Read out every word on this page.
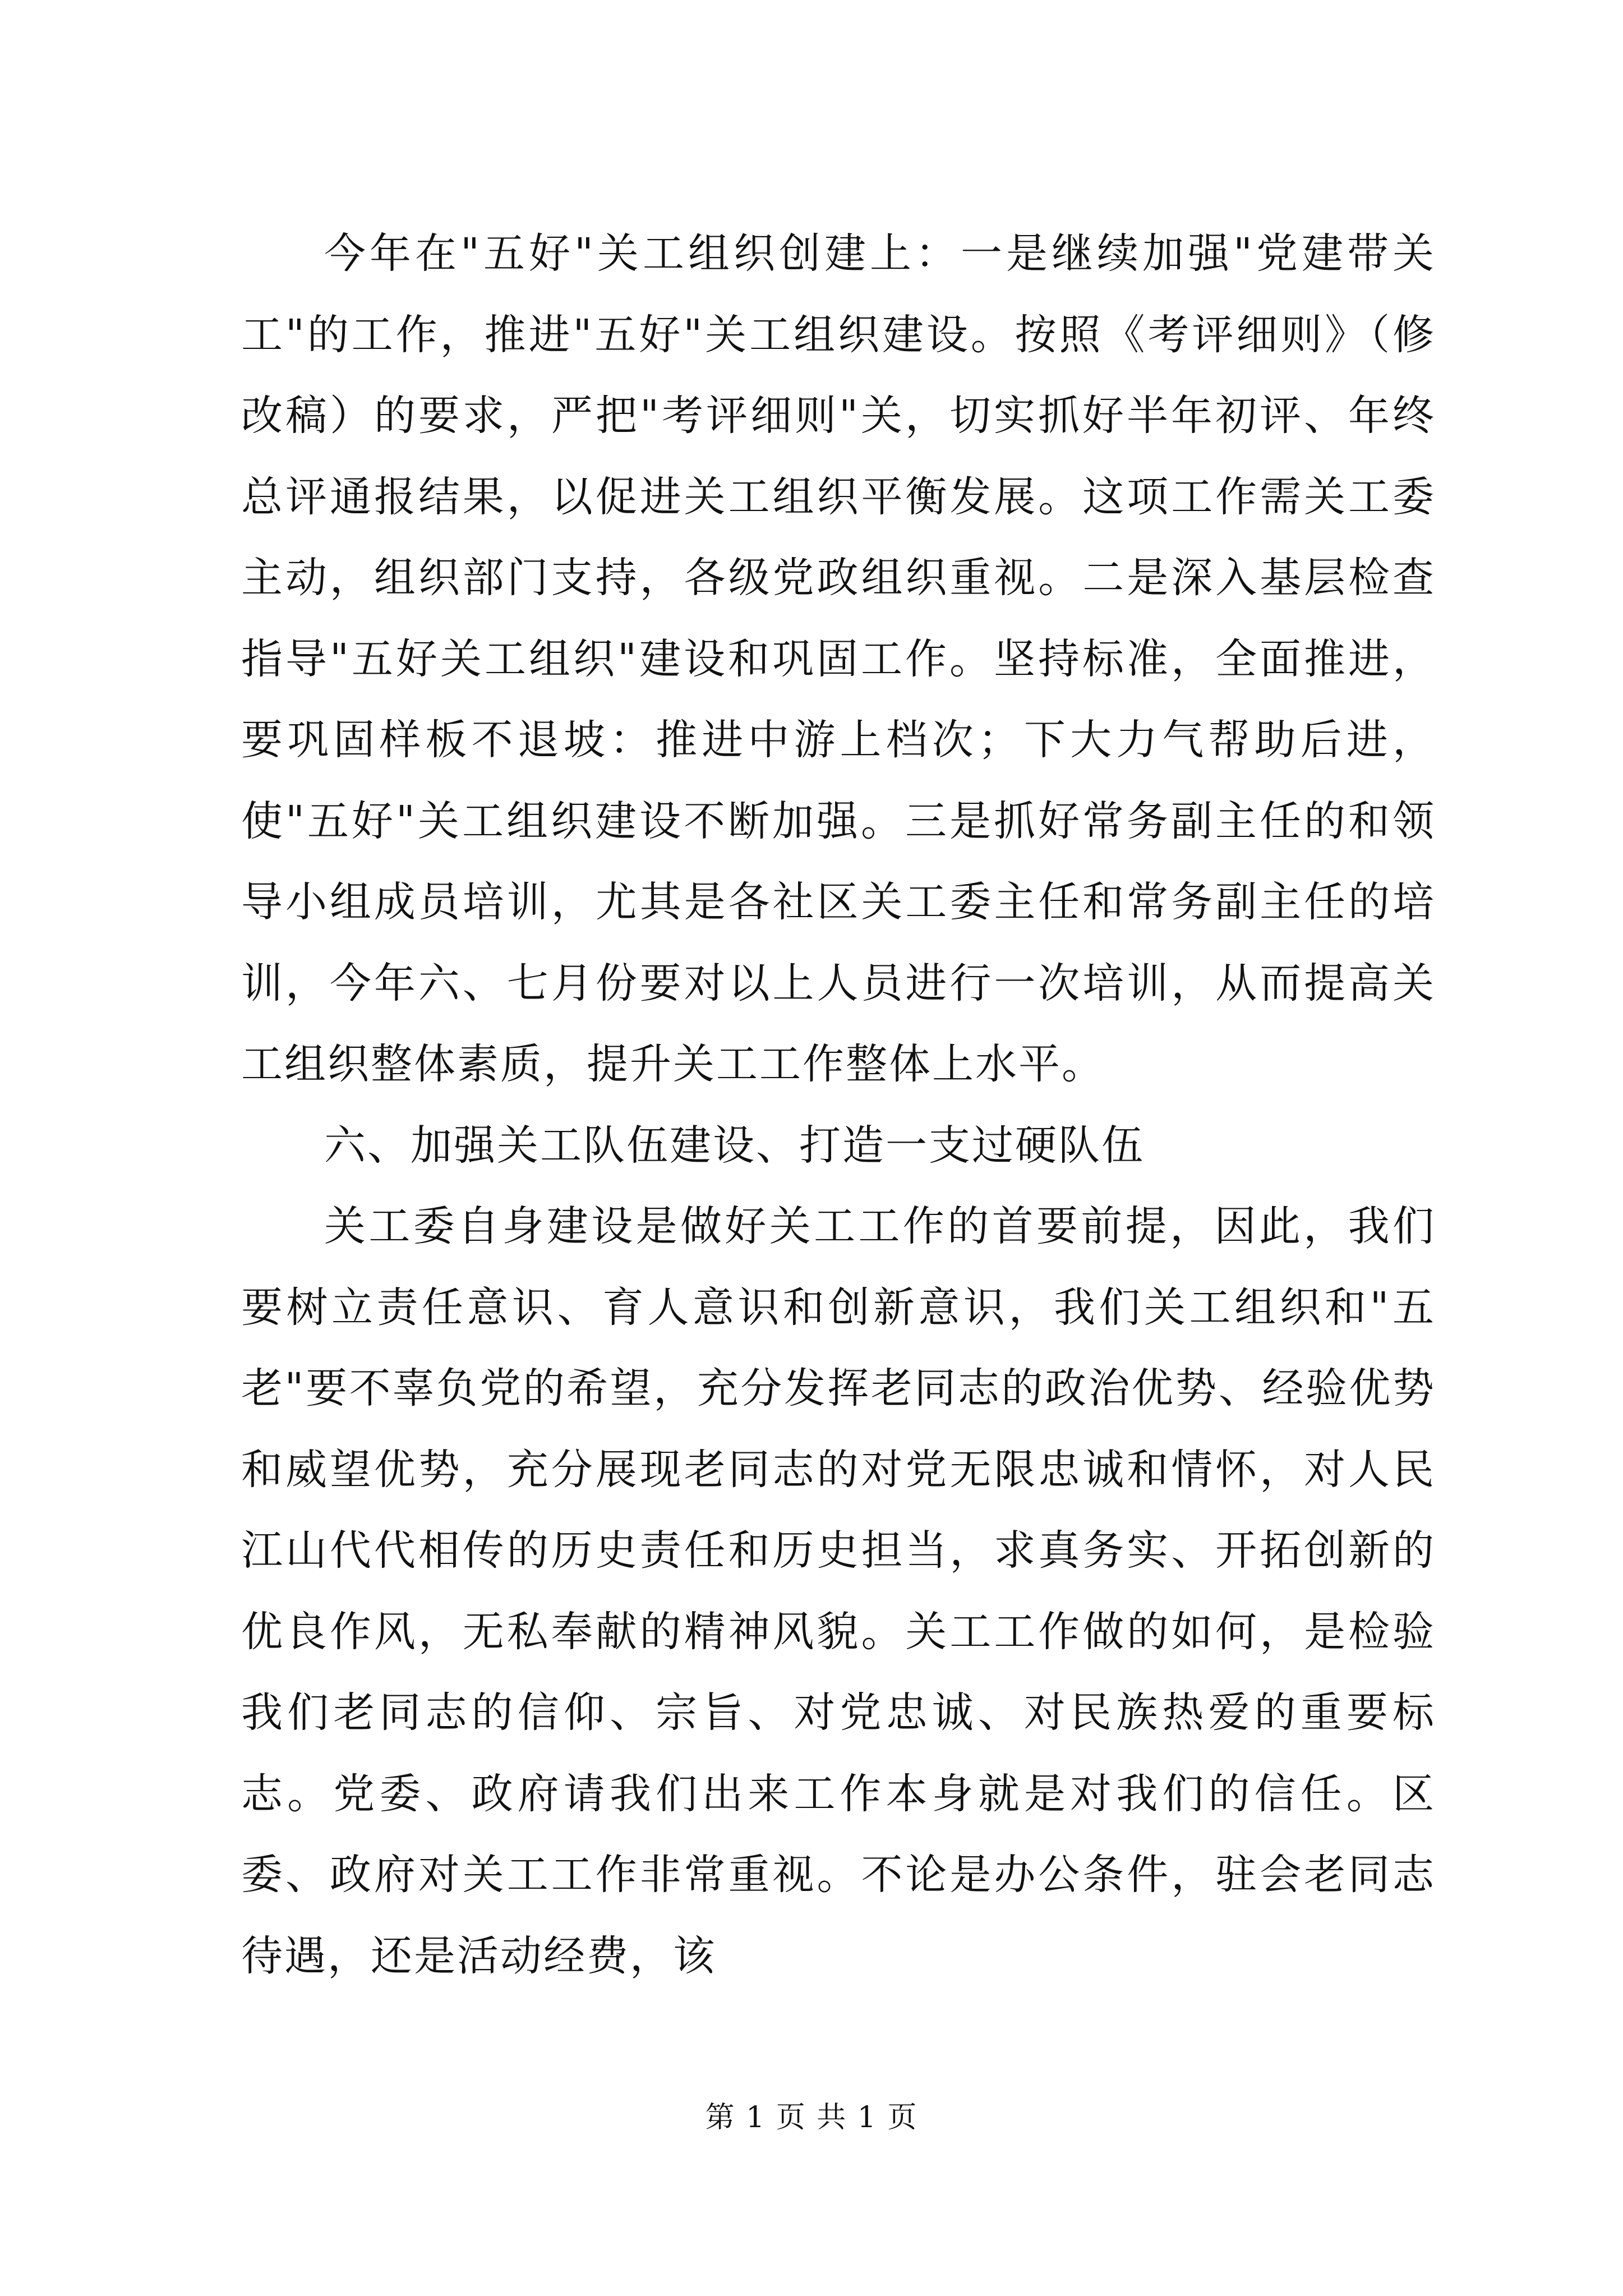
今年在"五好"关工组织创建上：一是继续加强"党建带关工"的工作，推进"五好"关工组织建设。按照《考评细则》（修改稿）的要求，严把"考评细则"关，切实抓好半年初评、年终总评通报结果，以促进关工组织平衡发展。这项工作需关工委主动，组织部门支持，各级党政组织重视。二是深入基层检查指导"五好关工组织"建设和巩固工作。坚持标准，全面推进，要巩固样板不退坡：推进中游上档次；下大力气帮助后进，使"五好"关工组织建设不断加强。三是抓好常务副主任的和领导小组成员培训，尤其是各社区关工委主任和常务副主任的培训，今年六、七月份要对以上人员进行一次培训，从而提高关工组织整体素质，提升关工工作整体上水平。

六、加强关工队伍建设、打造一支过硬队伍

关工委自身建设是做好关工工作的首要前提，因此，我们要树立责任意识、育人意识和创新意识，我们关工组织和"五老"要不辜负党的希望，充分发挥老同志的政治优势、经验优势和威望优势，充分展现老同志的对党无限忠诚和情怀，对人民江山代代相传的历史责任和历史担当，求真务实、开拓创新的优良作风，无私奉献的精神风貌。关工工作做的如何，是检验我们老同志的信仰、宗旨、对党忠诚、对民族热爱的重要标志。党委、政府请我们出来工作本身就是对我们的信任。区委、政府对关工工作非常重视。不论是办公条件，驻会老同志待遇，还是活动经费，该

第 1 页 共 1 页
